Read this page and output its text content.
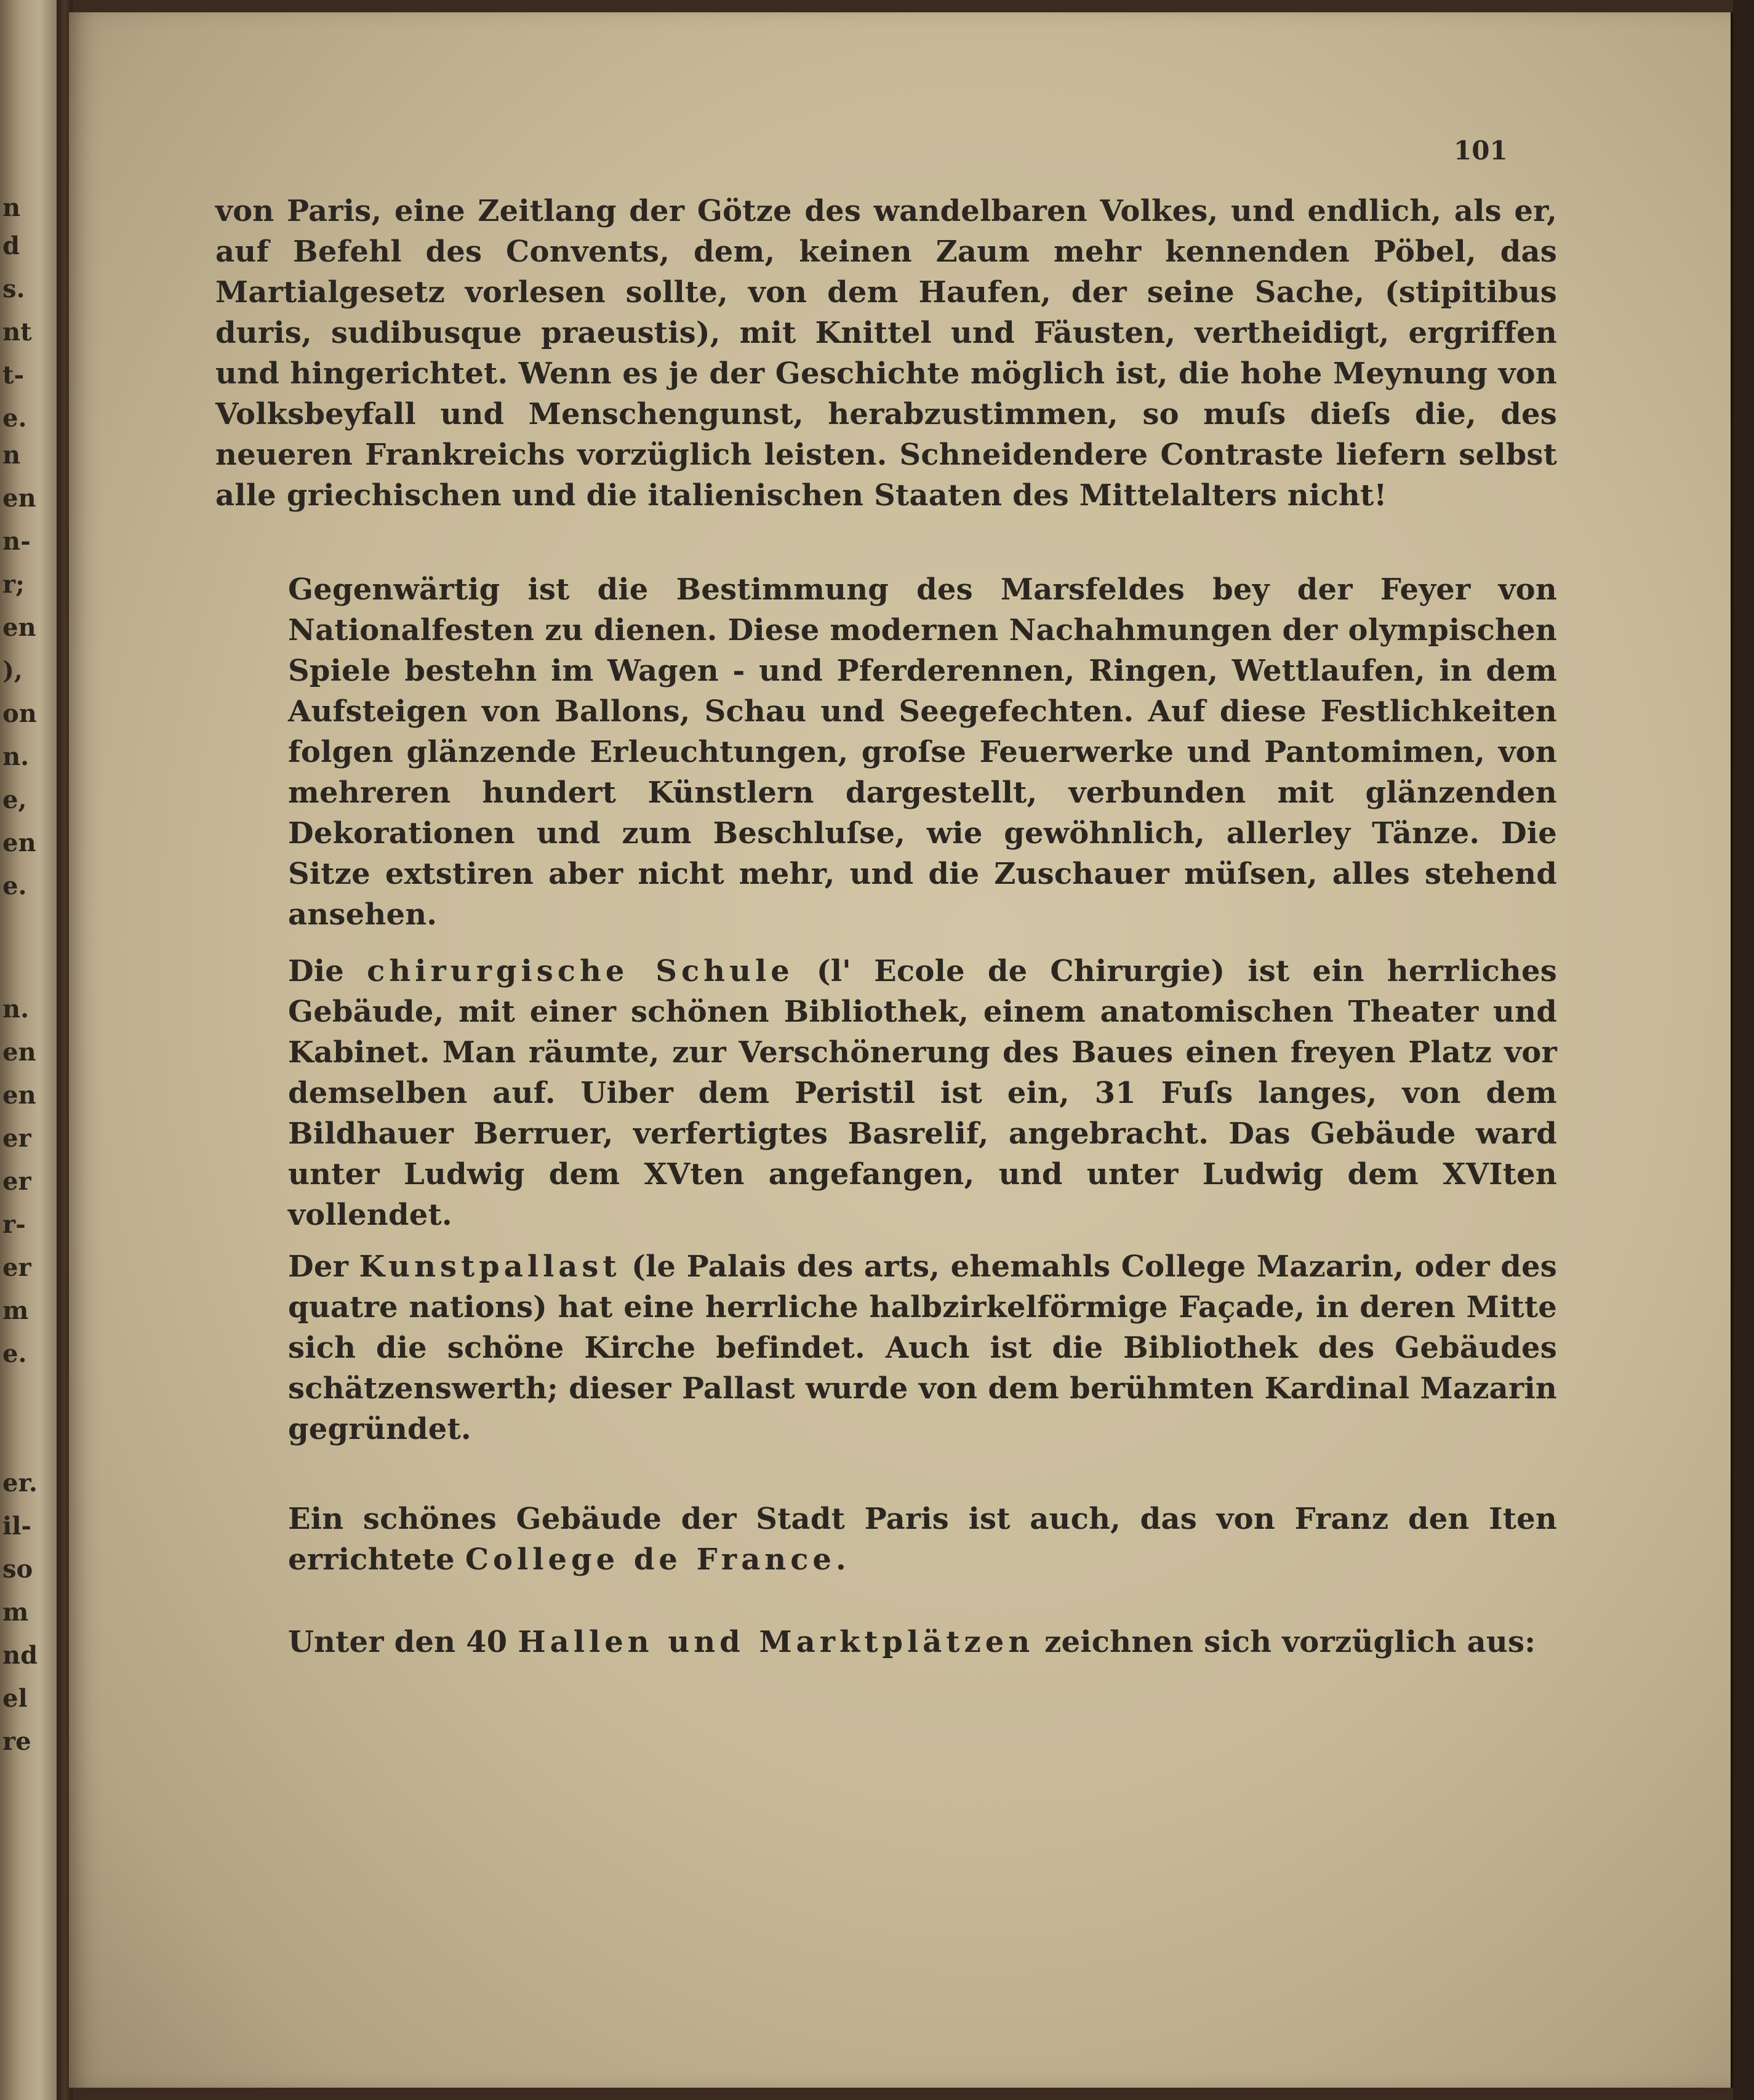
n
d
s.
nt
t-
e.
n
en
n-
r;
en
),
on
n.
e,
en
e.
n.
en
en
er
er
r-
er
m
e.
er.
il-
so
m
nd
el
re
101

von Paris, eine Zeitlang der Götze des wandelbaren Volkes, und endlich, als er, auf Befehl des Convents, dem, keinen Zaum mehr kennenden Pöbel, das Martialgesetz vorlesen sollte, von dem Haufen, der seine Sache, (stipitibus duris, sudibusque praeustis), mit Knittel und Fäusten, vertheidigt, ergriffen und hingerichtet. Wenn es je der Geschichte möglich ist, die hohe Meynung von Volksbeyfall und Menschengunst, herabzustimmen, so muſs dieſs die, des neueren Frankreichs vorzüglich leisten. Schneidendere Contraste liefern selbst alle griechischen und die italienischen Staaten des Mittelalters nicht!

Gegenwärtig ist die Bestimmung des Marsfeldes bey der Feyer von Nationalfesten zu dienen. Diese modernen Nachahmungen der olympischen Spiele bestehn im Wagen - und Pferderennen, Ringen, Wettlaufen, in dem Aufsteigen von Ballons, Schau und Seegefechten. Auf diese Festlichkeiten folgen glänzende Erleuchtungen, groſse Feuerwerke und Pantomimen, von mehreren hundert Künstlern dargestellt, verbunden mit glänzenden Dekorationen und zum Beschluſse, wie gewöhnlich, allerley Tänze. Die Sitze extstiren aber nicht mehr, und die Zuschauer müſsen, alles stehend ansehen.

Die chirurgische Schule (l' Ecole de Chirurgie) ist ein herrliches Gebäude, mit einer schönen Bibliothek, einem anatomischen Theater und Kabinet. Man räumte, zur Verschönerung des Baues einen freyen Platz vor demselben auf. Uiber dem Peristil ist ein, 31 Fuſs langes, von dem Bildhauer Berruer, verfertigtes Basrelif, angebracht. Das Gebäude ward unter Ludwig dem XVten angefangen, und unter Ludwig dem XVIten vollendet.

Der Kunstpallast (le Palais des arts, ehemahls College Mazarin, oder des quatre nations) hat eine herrliche halbzirkelförmige Façade, in deren Mitte sich die schöne Kirche befindet. Auch ist die Bibliothek des Gebäudes schätzenswerth; dieser Pallast wurde von dem berühmten Kardinal Mazarin gegründet.

Ein schönes Gebäude der Stadt Paris ist auch, das von Franz den Iten errichtete College de France.

Unter den 40 Hallen und Marktplätzen zeichnen sich vorzüglich aus:
